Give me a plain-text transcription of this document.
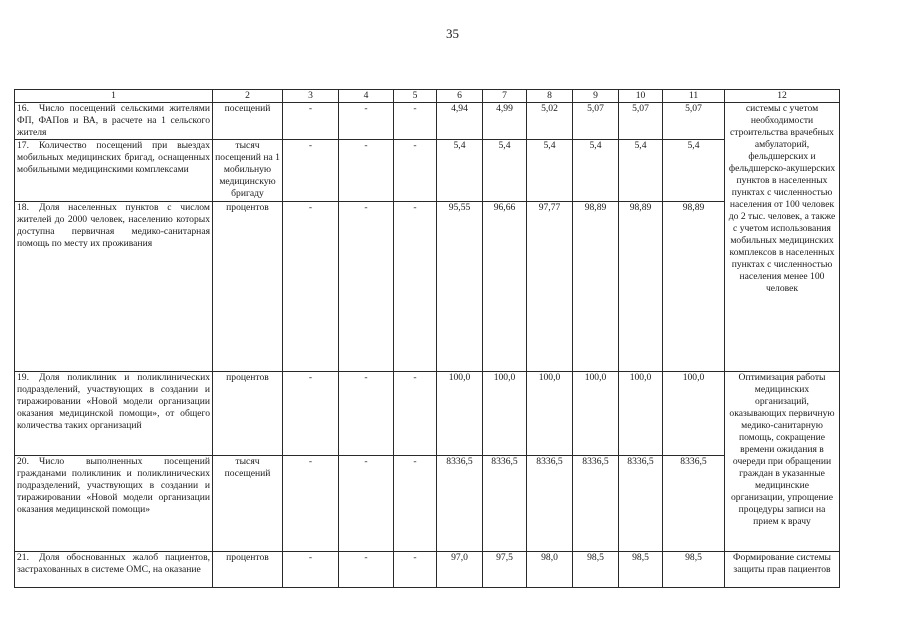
35
1	2	3	4	5	6	7	8	9	10	11	12
16. Число посещений сельскими жителями ФП, ФАПов и ВА, в расчете на 1 сельского жителя	посещений	-	-	-	4,94	4,99	5,02	5,07	5,07	5,07	системы с учетом необходимости строительства врачебных амбулаторий, фельдшерских и фельдшерско-акушерских пунктов в населенных пунктах с численностью населения от 100 человек до 2 тыс. человек, а также с учетом использования мобильных медицинских комплексов в населенных пунктах с численностью населения менее 100 человек
17. Количество посещений при выездах мобильных медицинских бригад, оснащенных мобильными медицинскими комплексами	тысяч посещений на 1 мобильную медицинскую бригаду	-	-	-	5,4	5,4	5,4	5,4	5,4	5,4	
18. Доля населенных пунктов с числом жителей до 2000 человек, населению которых доступна первичная медико-санитарная помощь по месту их проживания	процентов	-	-	-	95,55	96,66	97,77	98,89	98,89	98,89	
19. Доля поликлиник и поликлинических подразделений, участвующих в создании и тиражировании «Новой модели организации оказания медицинской помощи», от общего количества таких организаций	процентов	-	-	-	100,0	100,0	100,0	100,0	100,0	100,0	Оптимизация работы медицинских организаций, оказывающих первичную медико-санитарную помощь, сокращение времени ожидания в очереди при обращении граждан в указанные медицинские организации, упрощение процедуры записи на прием к врачу
20. Число выполненных посещений гражданами поликлиник и поликлинических подразделений, участвующих в создании и тиражировании «Новой модели организации оказания медицинской помощи»	тысяч посещений	-	-	-	8336,5	8336,5	8336,5	8336,5	8336,5	8336,5	
21. Доля обоснованных жалоб пациентов, застрахованных в системе ОМС, на оказание	процентов	-	-	-	97,0	97,5	98,0	98,5	98,5	98,5	Формирование системы защиты прав пациентов
